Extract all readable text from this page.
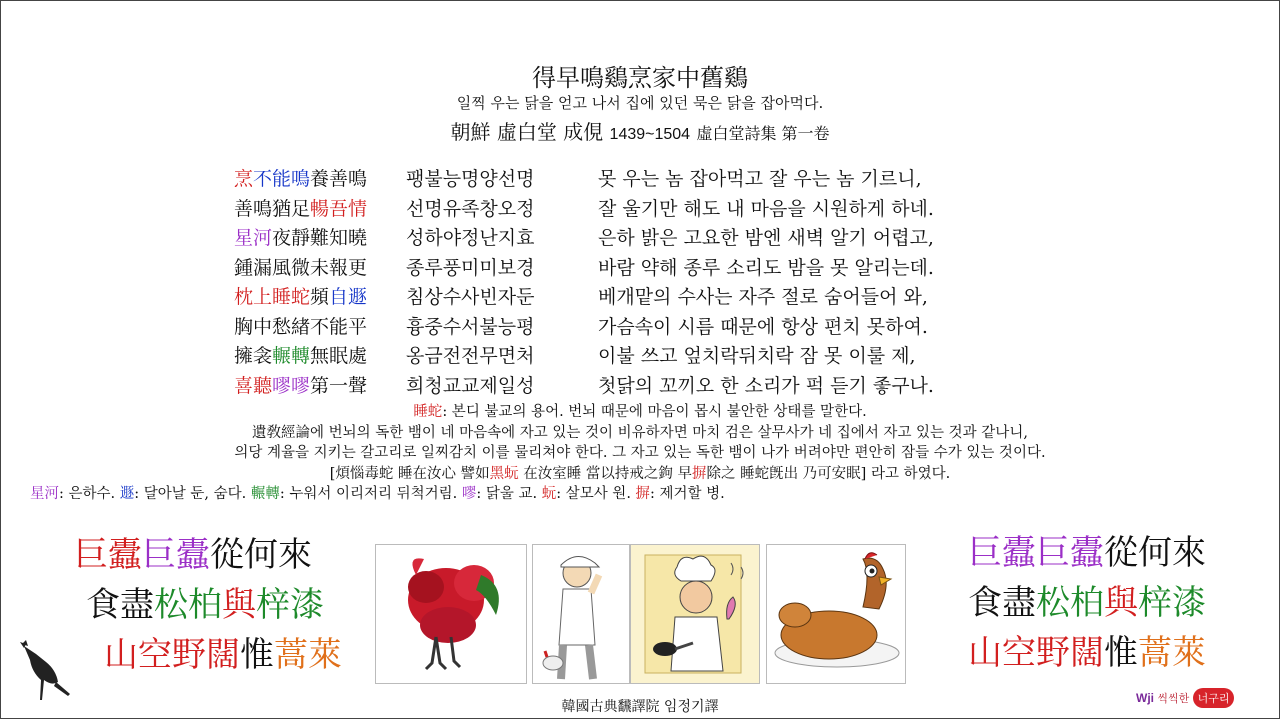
得早鳴鷄烹家中舊鷄
일찍 우는 닭을 얻고 나서 집에 있던 묵은 닭을 잡아먹다.
朝鮮 虛白堂 成俔 1439~1504 虛白堂詩集 第一卷
烹不能鳴養善鳴 팽불능명양선명	못 우는 놈 잡아먹고 잘 우는 놈 기르니,
善鳴猶足暢吾情 선명유족창오정	잘 울기만 해도 내 마음을 시원하게 하네.
星河夜靜難知曉 성하야정난지효	은하 밝은 고요한 밤엔 새벽 알기 어렵고,
鍾漏風微未報更 종루풍미미보경	바람 약해 종루 소리도 밤을 못 알리는데.
枕上睡蛇頻自遯 침상수사빈자둔	베개맡의 수사는 자주 절로 숨어들어 와,
胸中愁緖不能平 흉중수서불능평	가슴속이 시름 때문에 항상 편치 못하여.
擁衾輾轉無眠處 옹금전전무면처	이불 쓰고 엎치락뒤치락 잠 못 이룰 제,
喜聽嘐嘐第一聲 희청교교제일성	첫닭의 꼬끼오 한 소리가 퍽 듣기 좋구나.
睡蛇: 본디 불교의 용어. 번뇌 때문에 마음이 몹시 불안한 상태를 말한다.
遺敎經論에 번뇌의 독한 뱀이 네 마음속에 자고 있는 것이 비유하자면 마치 검은 살무사가 네 집에서 자고 있는 것과 같나니,
의당 계율을 지키는 갈고리로 일찌감치 이를 물리쳐야 한다. 그 자고 있는 독한 뱀이 나가 버려야만 편안히 잠들 수가 있는 것이다.
[煩惱毒蛇 睡在汝心 譬如黑蚖 在汝室睡 當以持戒之鉤 早摒除之 睡蛇旣出 乃可安眠] 라고 하였다.
星河: 은하수. 遯: 달아날 둔, 숨다. 輾轉: 누워서 이리저리 뒤척거림. 嘐: 닭울 교. 蚖: 살모사 원. 摒: 제거할 병.
巨蠹巨蠹從何來
食盡松柏與梓漆
山空野闊惟蒿萊
巨蠹巨蠹從何來
食盡松柏與梓漆
山空野闊惟蒿萊
韓國古典飜譯院 임정기譯
Wji 씩씩한 너구리
